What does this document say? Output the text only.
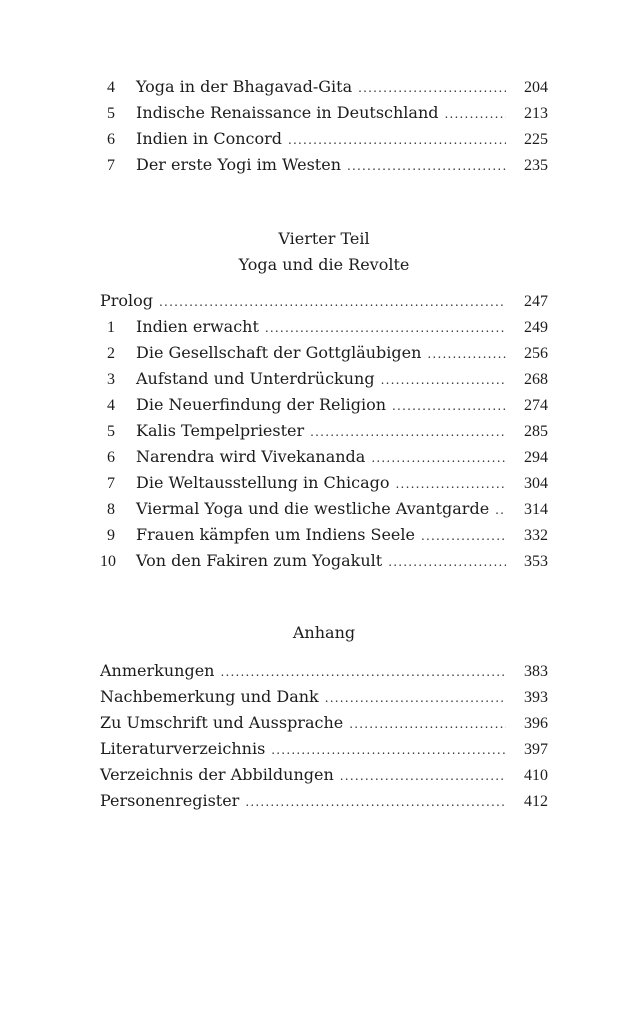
4	Yoga in der Bhagavad-Gita .....	204
5	Indische Renaissance in Deutschland .....	213
6	Indien in Concord .....	225
7	Der erste Yogi im Westen .....	235
Vierter Teil
Yoga und die Revolte
Prolog .....	247
1	Indien erwacht .....	249
2	Die Gesellschaft der Gottgläubigen .....	256
3	Aufstand und Unterdrückung .....	268
4	Die Neuerfindung der Religion .....	274
5	Kalis Tempelpriester .....	285
6	Narendra wird Vivekananda .....	294
7	Die Weltausstellung in Chicago .....	304
8	Viermal Yoga und die westliche Avantgarde .....	314
9	Frauen kämpfen um Indiens Seele .....	332
10	Von den Fakiren zum Yogakult .....	353
Anhang
Anmerkungen .....	383
Nachbemerkung und Dank .....	393
Zu Umschrift und Aussprache .....	396
Literaturverzeichnis .....	397
Verzeichnis der Abbildungen .....	410
Personenregister .....	412
